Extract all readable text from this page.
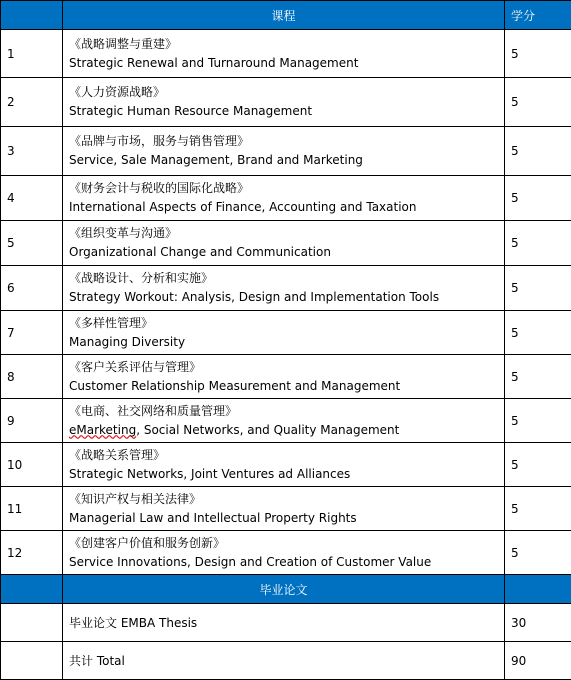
	课程	学分
1	《战略调整与重建》
Strategic Renewal and Turnaround Management	5
2	《人力资源战略》
Strategic Human Resource Management	5
3	《品牌与市场，服务与销售管理》
Service, Sale Management, Brand and Marketing	5
4	《财务会计与税收的国际化战略》
International Aspects of Finance, Accounting and Taxation	5
5	《组织变革与沟通》
Organizational Change and Communication	5
6	《战略设计、分析和实施》
Strategy Workout: Analysis, Design and Implementation Tools	5
7	《多样性管理》
Managing Diversity	5
8	《客户关系评估与管理》
Customer Relationship Measurement and Management	5
9	《电商、社交网络和质量管理》
eMarketing, Social Networks, and Quality Management	5
10	《战略关系管理》
Strategic Networks, Joint Ventures ad Alliances	5
11	《知识产权与相关法律》
Managerial Law and Intellectual Property Rights	5
12	《创建客户价值和服务创新》
Service Innovations, Design and Creation of Customer Value	5
	毕业论文	
	毕业论文 EMBA Thesis	30
	共计 Total	90
